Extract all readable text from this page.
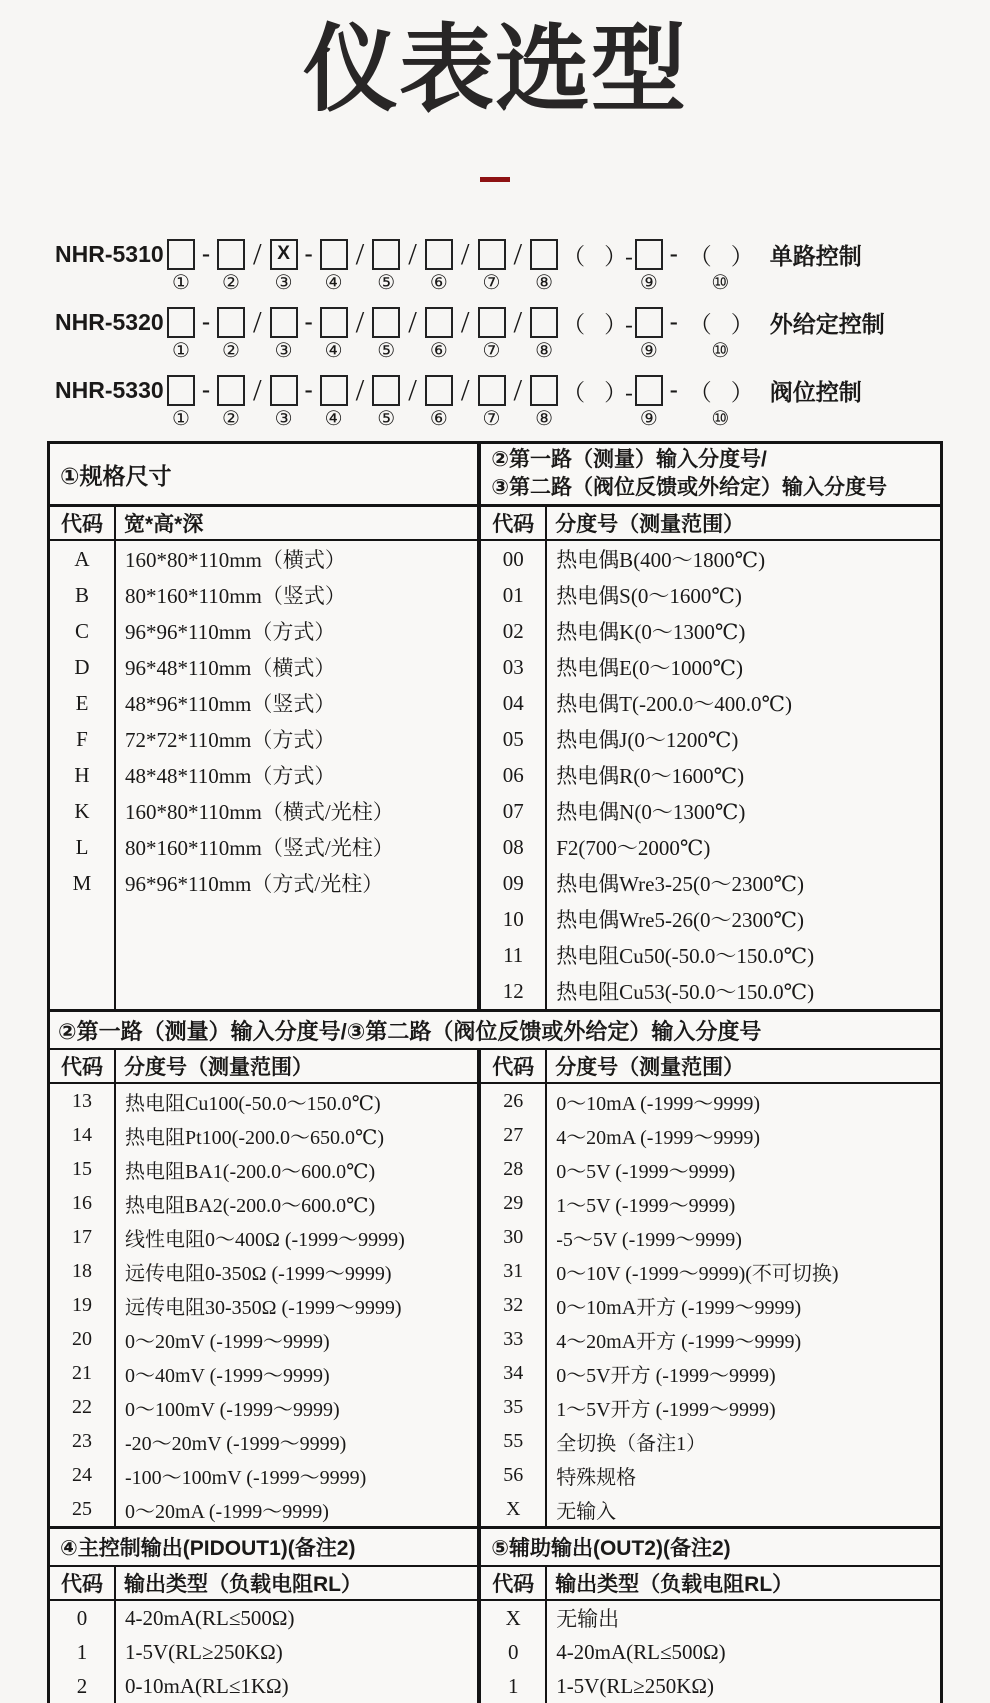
仪表选型
NHR-5310
①
-
②
/ X
③
-
④
/
⑤
/
⑥
/
⑦
/
⑧
（　）-
⑨
- （　）
⑩
单路控制
NHR-5320
①
-
②
/
③
-
④
/
⑤
/
⑥
/
⑦
/
⑧
（　）-
⑨
- （　）
⑩
外给定控制
NHR-5330
①
-
②
/
③
-
④
/
⑤
/
⑥
/
⑦
/
⑧
（　）-
⑨
- （　）
⑩
阀位控制
①规格尺寸
代码	宽*高*深
A	160*80*110mm（横式）
B	80*160*110mm（竖式）
C	96*96*110mm（方式）
D	96*48*110mm（横式）
E	48*96*110mm（竖式）
F	72*72*110mm（方式）
H	48*48*110mm（方式）
K	160*80*110mm（横式/光柱）
L	80*160*110mm（竖式/光柱）
M	96*96*110mm（方式/光柱）
②第一路（测量）输入分度号/
③第二路（阀位反馈或外给定）输入分度号
代码	分度号（测量范围）
00	热电偶B(400～1800℃)
01	热电偶S(0～1600℃)
02	热电偶K(0～1300℃)
03	热电偶E(0～1000℃)
04	热电偶T(-200.0～400.0℃)
05	热电偶J(0～1200℃)
06	热电偶R(0～1600℃)
07	热电偶N(0～1300℃)
08	F2(700～2000℃)
09	热电偶Wre3-25(0～2300℃)
10	热电偶Wre5-26(0～2300℃)
11	热电阻Cu50(-50.0～150.0℃)
12	热电阻Cu53(-50.0～150.0℃)
②第一路（测量）输入分度号/③第二路（阀位反馈或外给定）输入分度号
代码	分度号（测量范围）
13	热电阻Cu100(-50.0～150.0℃)
14	热电阻Pt100(-200.0～650.0℃)
15	热电阻BA1(-200.0～600.0℃)
16	热电阻BA2(-200.0～600.0℃)
17	线性电阻0～400Ω (-1999～9999)
18	远传电阻0-350Ω (-1999～9999)
19	远传电阻30-350Ω (-1999～9999)
20	0～20mV (-1999～9999)
21	0～40mV (-1999～9999)
22	0～100mV (-1999～9999)
23	-20～20mV (-1999～9999)
24	-100～100mV (-1999～9999)
25	0～20mA (-1999～9999)
代码	分度号（测量范围）
26	0～10mA (-1999～9999)
27	4～20mA (-1999～9999)
28	0～5V (-1999～9999)
29	1～5V (-1999～9999)
30	-5～5V (-1999～9999)
31	0～10V (-1999～9999)(不可切换)
32	0～10mA开方 (-1999～9999)
33	4～20mA开方 (-1999～9999)
34	0～5V开方 (-1999～9999)
35	1～5V开方 (-1999～9999)
55	全切换（备注1）
56	特殊规格
X	无输入
④主控制输出(PIDOUT1)(备注2)
代码	输出类型（负载电阻RL）
0	4-20mA(RL≤500Ω)
1	1-5V(RL≥250KΩ)
2	0-10mA(RL≤1KΩ)
⑤辅助输出(OUT2)(备注2)
代码	输出类型（负载电阻RL）
X	无输出
0	4-20mA(RL≤500Ω)
1	1-5V(RL≥250KΩ)
